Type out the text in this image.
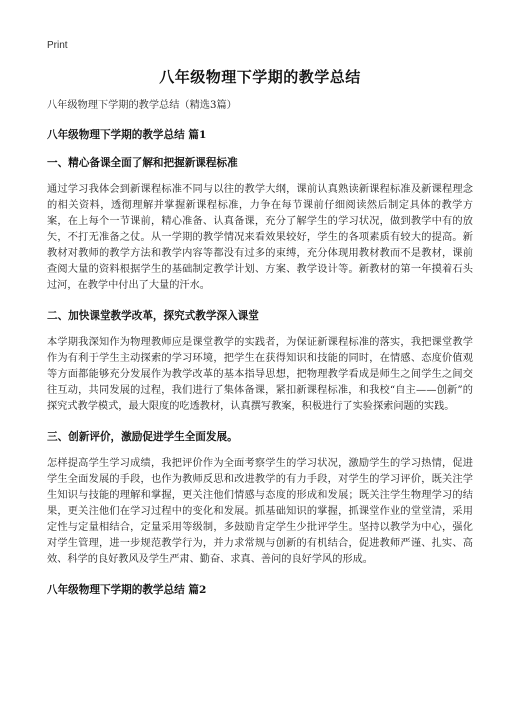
Print
八年级物理下学期的教学总结

八年级物理下学期的教学总结（精选3篇）

八年级物理下学期的教学总结 篇1
一、精心备课全面了解和把握新课程标准

通过学习我体会到新课程标准不同与以往的教学大纲，课前认真熟读新课程标准及新课程理念的相关资料，透彻理解并掌握新课程标准，力争在每节课前仔细阅读然后制定具体的教学方案，在上每个一节课前，精心准备、认真备课，充分了解学生的学习状况，做到教学中有的放矢，不打无准备之仗。从一学期的教学情况来看效果较好，学生的各项素质有较大的提高。新教材对教师的教学方法和教学内容等都没有过多的束缚，充分体现用教材教而不是教材，课前查阅大量的资料根据学生的基础制定教学计划、方案、教学设计等。新教材的第一年摸着石头过河，在教学中付出了大量的汗水。

二、加快课堂教学改革，探究式教学深入课堂

本学期我深知作为物理教师应是课堂教学的实践者，为保证新课程标准的落实，我把课堂教学作为有利于学生主动探索的学习环境，把学生在获得知识和技能的同时，在情感、态度价值观等方面都能够充分发展作为教学改革的基本指导思想，把物理教学看成是师生之间学生之间交往互动，共同发展的过程，我们进行了集体备课，紧扣新课程标准，和我校“自主——创新”的探究式教学模式，最大限度的吃透教材，认真撰写教案，积极进行了实验探索问题的实践。

三、创新评价，激励促进学生全面发展。

怎样提高学生学习成绩，我把评价作为全面考察学生的学习状况，激励学生的学习热情，促进学生全面发展的手段，也作为教师反思和改进教学的有力手段，对学生的学习评价，既关注学生知识与技能的理解和掌握，更关注他们情感与态度的形成和发展；既关注学生物理学习的结果，更关注他们在学习过程中的变化和发展。抓基础知识的掌握，抓课堂作业的堂堂清，采用定性与定量相结合，定量采用等级制，多鼓励肯定学生少批评学生。坚持以教学为中心，强化对学生管理，进一步规范教学行为，并力求常规与创新的有机结合，促进教师严谨、扎实、高效、科学的良好教风及学生严肃、勤奋、求真、善问的良好学风的形成。

八年级物理下学期的教学总结 篇2
